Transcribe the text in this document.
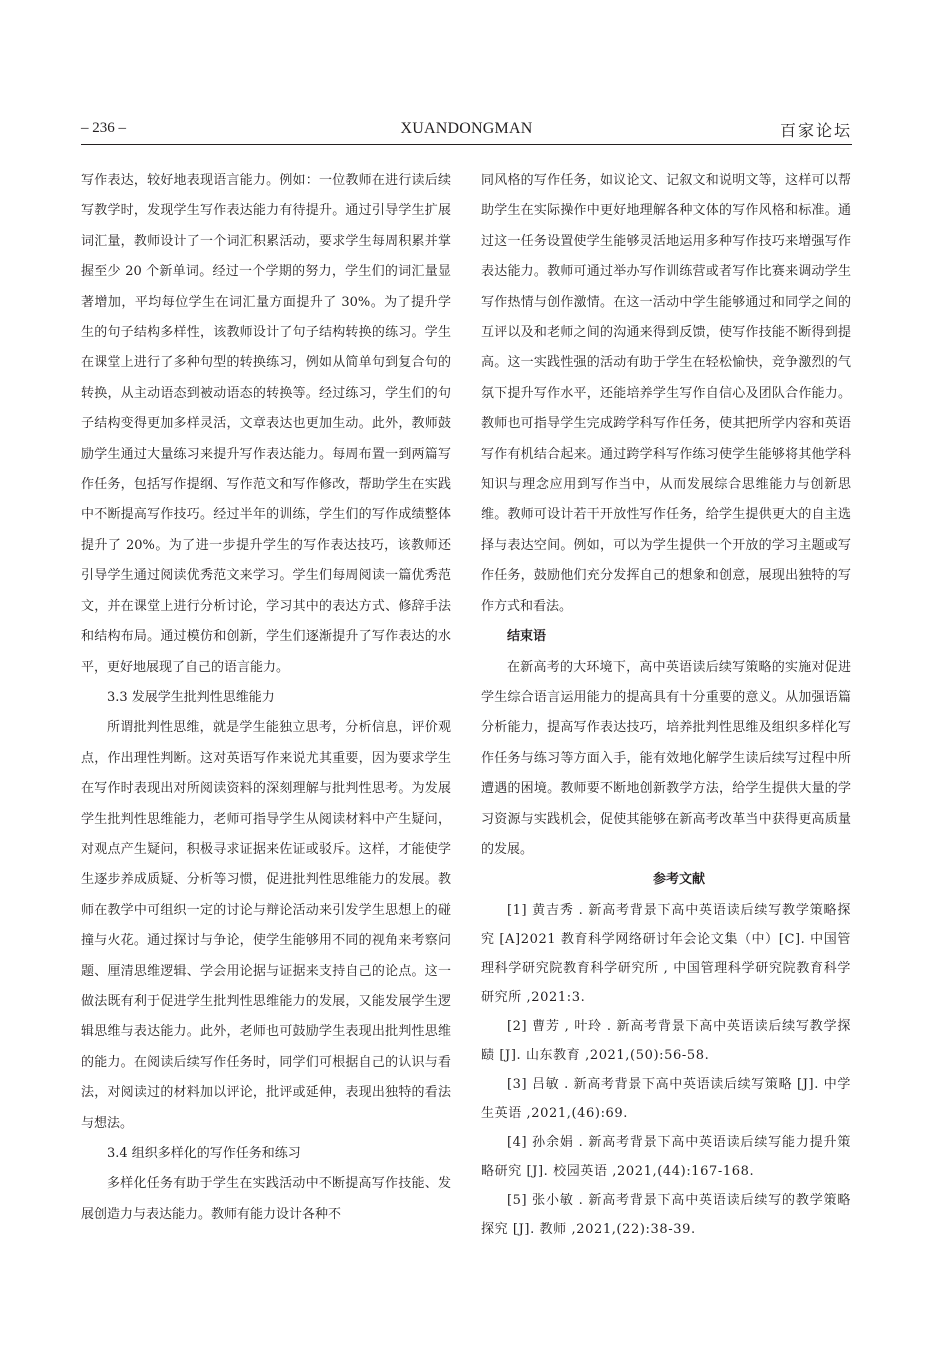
– 236 –	XUANDONGMAN	百家论坛

写作表达，较好地表现语言能力。例如：一位教师在进行读后续写教学时，发现学生写作表达能力有待提升。通过引导学生扩展词汇量，教师设计了一个词汇积累活动，要求学生每周积累并掌握至少 20 个新单词。经过一个学期的努力，学生们的词汇量显著增加，平均每位学生在词汇量方面提升了 30%。为了提升学生的句子结构多样性，该教师设计了句子结构转换的练习。学生在课堂上进行了多种句型的转换练习，例如从简单句到复合句的转换，从主动语态到被动语态的转换等。经过练习，学生们的句子结构变得更加多样灵活，文章表达也更加生动。此外，教师鼓励学生通过大量练习来提升写作表达能力。每周布置一到两篇写作任务，包括写作提纲、写作范文和写作修改，帮助学生在实践中不断提高写作技巧。经过半年的训练，学生们的写作成绩整体提升了 20%。为了进一步提升学生的写作表达技巧，该教师还引导学生通过阅读优秀范文来学习。学生们每周阅读一篇优秀范文，并在课堂上进行分析讨论，学习其中的表达方式、修辞手法和结构布局。通过模仿和创新，学生们逐渐提升了写作表达的水平，更好地展现了自己的语言能力。

3.3 发展学生批判性思维能力

所谓批判性思维，就是学生能独立思考，分析信息，评价观点，作出理性判断。这对英语写作来说尤其重要，因为要求学生在写作时表现出对所阅读资料的深刻理解与批判性思考。为发展学生批判性思维能力，老师可指导学生从阅读材料中产生疑问，对观点产生疑问，积极寻求证据来佐证或驳斥。这样，才能使学生逐步养成质疑、分析等习惯，促进批判性思维能力的发展。教师在教学中可组织一定的讨论与辩论活动来引发学生思想上的碰撞与火花。通过探讨与争论，使学生能够用不同的视角来考察问题、厘清思维逻辑、学会用论据与证据来支持自己的论点。这一做法既有利于促进学生批判性思维能力的发展，又能发展学生逻辑思维与表达能力。此外，老师也可鼓励学生表现出批判性思维的能力。在阅读后续写作任务时，同学们可根据自己的认识与看法，对阅读过的材料加以评论，批评或延伸，表现出独特的看法与想法。

3.4 组织多样化的写作任务和练习

多样化任务有助于学生在实践活动中不断提高写作技能、发展创造力与表达能力。教师有能力设计各种不

同风格的写作任务，如议论文、记叙文和说明文等，这样可以帮助学生在实际操作中更好地理解各种文体的写作风格和标准。通过这一任务设置使学生能够灵活地运用多种写作技巧来增强写作表达能力。教师可通过举办写作训练营或者写作比赛来调动学生写作热情与创作激情。在这一活动中学生能够通过和同学之间的互评以及和老师之间的沟通来得到反馈，使写作技能不断得到提高。这一实践性强的活动有助于学生在轻松愉快，竞争激烈的气氛下提升写作水平，还能培养学生写作自信心及团队合作能力。教师也可指导学生完成跨学科写作任务，使其把所学内容和英语写作有机结合起来。通过跨学科写作练习使学生能够将其他学科知识与理念应用到写作当中，从而发展综合思维能力与创新思维。教师可设计若干开放性写作任务，给学生提供更大的自主选择与表达空间。例如，可以为学生提供一个开放的学习主题或写作任务，鼓励他们充分发挥自己的想象和创意，展现出独特的写作方式和看法。

结束语

在新高考的大环境下，高中英语读后续写策略的实施对促进学生综合语言运用能力的提高具有十分重要的意义。从加强语篇分析能力，提高写作表达技巧，培养批判性思维及组织多样化写作任务与练习等方面入手，能有效地化解学生读后续写过程中所遭遇的困境。教师要不断地创新教学方法，给学生提供大量的学习资源与实践机会，促使其能够在新高考改革当中获得更高质量的发展。

参考文献

[1] 黄吉秀 . 新高考背景下高中英语读后续写教学策略探究 [A]2021 教育科学网络研讨年会论文集（中）[C]. 中国管理科学研究院教育科学研究所 , 中国管理科学研究院教育科学研究所 ,2021:3.

[2] 曹芳 , 叶玲 . 新高考背景下高中英语读后续写教学探赜 [J]. 山东教育 ,2021,(50):56-58.

[3] 吕敏 . 新高考背景下高中英语读后续写策略 [J]. 中学生英语 ,2021,(46):69.

[4] 孙余娟 . 新高考背景下高中英语读后续写能力提升策略研究 [J]. 校园英语 ,2021,(44):167-168.

[5] 张小敏 . 新高考背景下高中英语读后续写的教学策略探究 [J]. 教师 ,2021,(22):38-39.
